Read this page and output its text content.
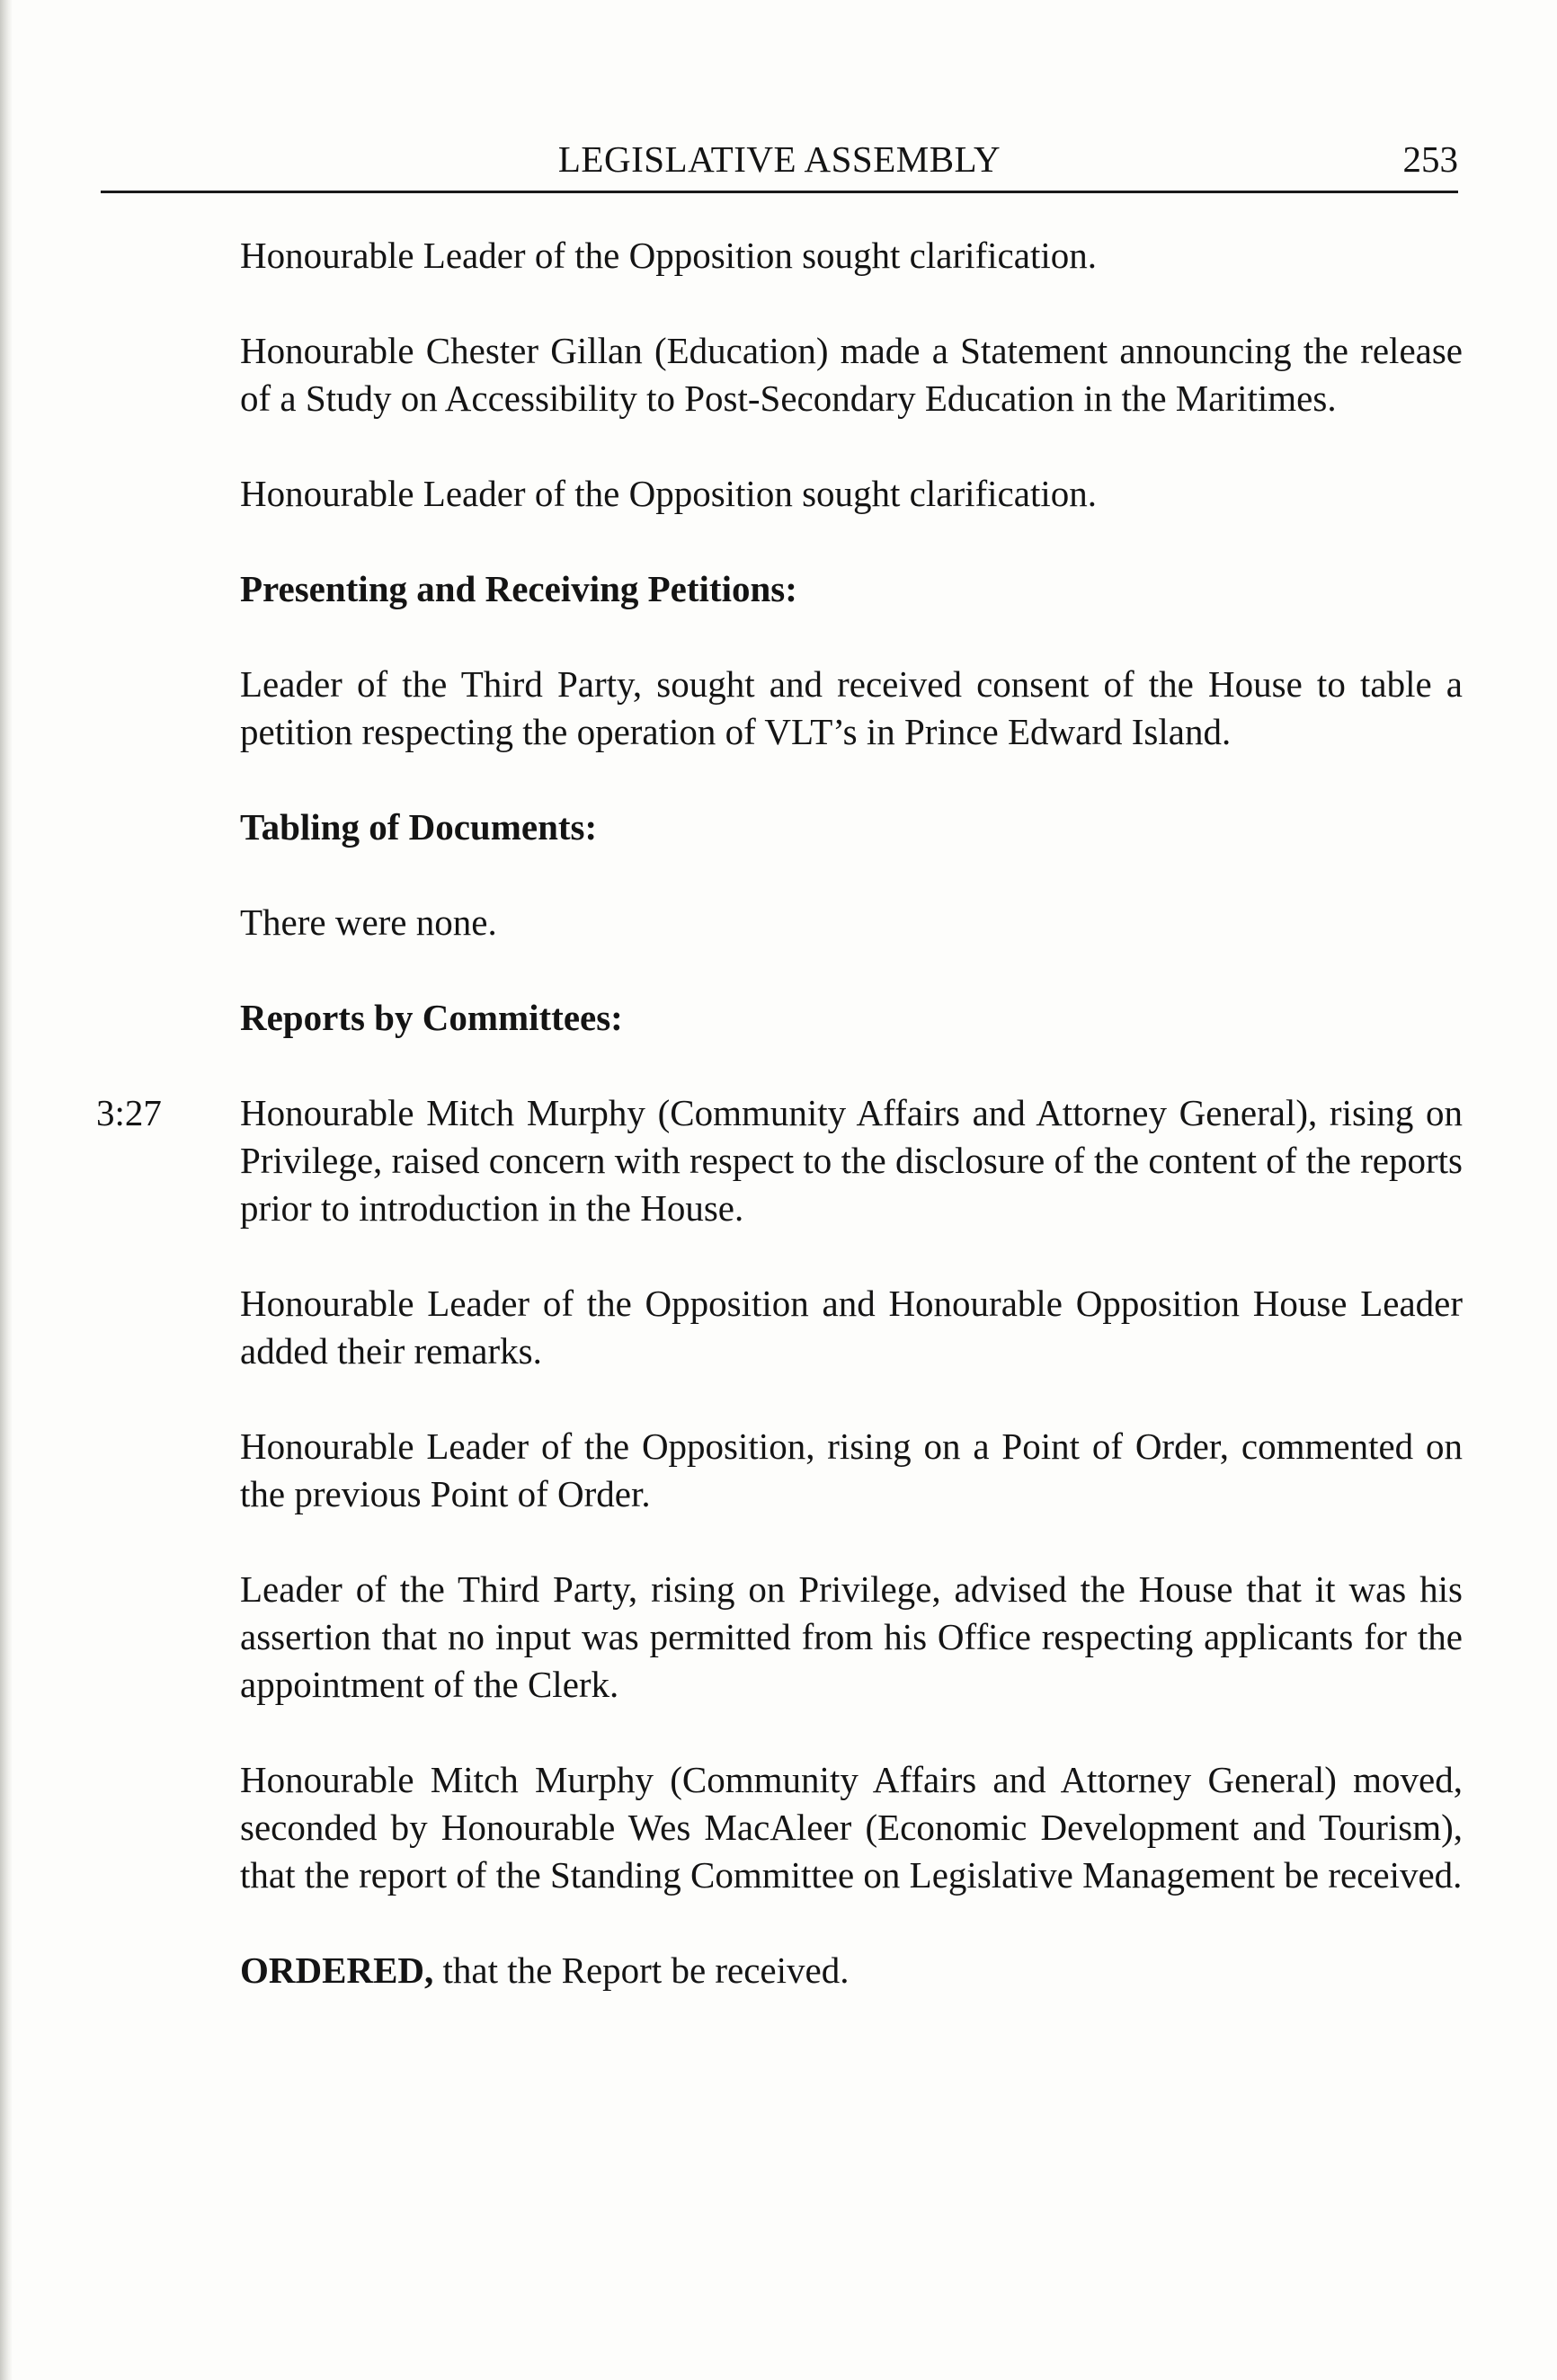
LEGISLATIVE ASSEMBLY	253

Honourable Leader of the Opposition sought clarification.

Honourable Chester Gillan (Education) made a Statement announcing the release of a Study on Accessibility to Post-Secondary Education in the Maritimes.

Honourable Leader of the Opposition sought clarification.

Presenting and Receiving Petitions:

Leader of the Third Party, sought and received consent of the House to table a petition respecting the operation of VLT’s in Prince Edward Island.

Tabling of Documents:

There were none.

Reports by Committees:
3:27 Honourable Mitch Murphy (Community Affairs and Attorney General), rising on Privilege, raised concern with respect to the disclosure of the content of the reports prior to introduction in the House.

Honourable Leader of the Opposition and Honourable Opposition House Leader added their remarks.

Honourable Leader of the Opposition, rising on a Point of Order, commented on the previous Point of Order.

Leader of the Third Party, rising on Privilege, advised the House that it was his assertion that no input was permitted from his Office respecting applicants for the appointment of the Clerk.

Honourable Mitch Murphy (Community Affairs and Attorney General) moved, seconded by Honourable Wes MacAleer (Economic Development and Tourism), that the report of the Standing Committee on Legislative Management be received.

ORDERED, that the Report be received.
